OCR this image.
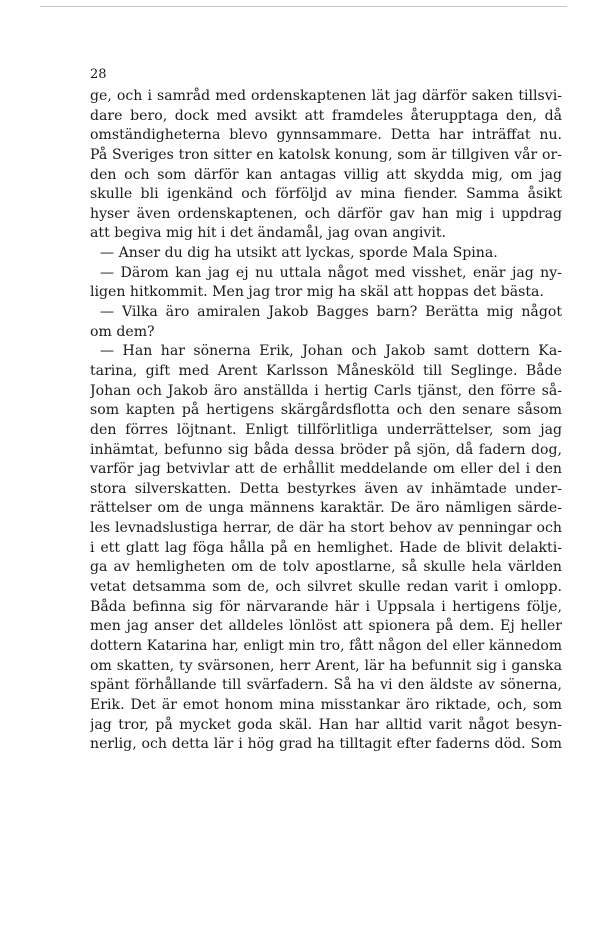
28
ge, och i samråd med ordenskaptenen lät jag därför saken tillsvi-
dare bero, dock med avsikt att framdeles återupptaga den, då
omständigheterna blevo gynnsammare. Detta har inträffat nu.
På Sveriges tron sitter en katolsk konung, som är tillgiven vår or-
den och som därför kan antagas villig att skydda mig, om jag
skulle bli igenkänd och förföljd av mina fiender. Samma åsikt
hyser även ordenskaptenen, och därför gav han mig i uppdrag
att begiva mig hit i det ändamål, jag ovan angivit.
— Anser du dig ha utsikt att lyckas, sporde Mala Spina.
— Därom kan jag ej nu uttala något med visshet, enär jag ny-
ligen hitkommit. Men jag tror mig ha skäl att hoppas det bästa.
— Vilka äro amiralen Jakob Bagges barn? Berätta mig något
om dem?
— Han har sönerna Erik, Johan och Jakob samt dottern Ka-
tarina, gift med Arent Karlsson Månesköld till Seglinge. Både
Johan och Jakob äro anställda i hertig Carls tjänst, den förre så-
som kapten på hertigens skärgårdsflotta och den senare såsom
den förres löjtnant. Enligt tillförlitliga underrättelser, som jag
inhämtat, befunno sig båda dessa bröder på sjön, då fadern dog,
varför jag betvivlar att de erhållit meddelande om eller del i den
stora silverskatten. Detta bestyrkes även av inhämtade under-
rättelser om de unga männens karaktär. De äro nämligen särde-
les levnadslustiga herrar, de där ha stort behov av penningar och
i ett glatt lag föga hålla på en hemlighet. Hade de blivit delakti-
ga av hemligheten om de tolv apostlarne, så skulle hela världen
vetat detsamma som de, och silvret skulle redan varit i omlopp.
Båda befinna sig för närvarande här i Uppsala i hertigens följe,
men jag anser det alldeles lönlöst att spionera på dem. Ej heller
dottern Katarina har, enligt min tro, fått någon del eller kännedom
om skatten, ty svärsonen, herr Arent, lär ha befunnit sig i ganska
spänt förhållande till svärfadern. Så ha vi den äldste av sönerna,
Erik. Det är emot honom mina misstankar äro riktade, och, som
jag tror, på mycket goda skäl. Han har alltid varit något besyn-
nerlig, och detta lär i hög grad ha tilltagit efter faderns död. Som
